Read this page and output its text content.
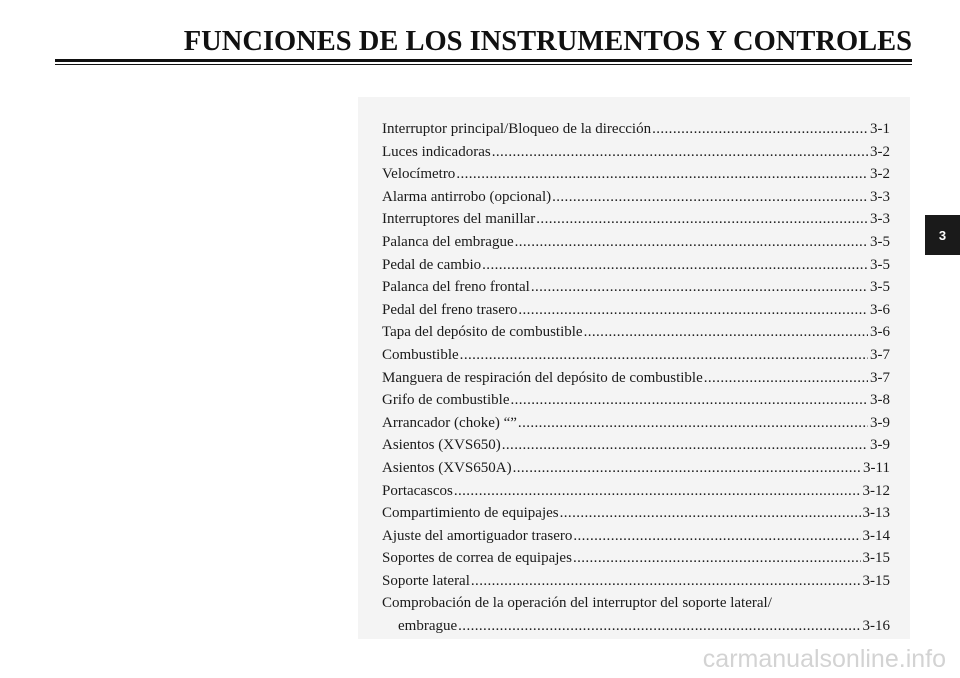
FUNCIONES DE LOS INSTRUMENTOS Y CONTROLES
3
Interruptor principal/Bloqueo de la dirección .....	3-1
Luces indicadoras .....	3-2
Velocímetro .....	3-2
Alarma antirrobo (opcional) .....	3-3
Interruptores del manillar .....	3-3
Palanca del embrague .....	3-5
Pedal de cambio .....	3-5
Palanca del freno frontal .....	3-5
Pedal del freno trasero .....	3-6
Tapa del depósito de combustible .....	3-6
Combustible .....	3-7
Manguera de respiración del depósito de combustible .....	3-7
Grifo de combustible .....	3-8
Arrancador (choke) “” .....	3-9
Asientos (XVS650) .....	3-9
Asientos (XVS650A) .....	3-11
Portacascos .....	3-12
Compartimiento de equipajes .....	3-13
Ajuste del amortiguador trasero .....	3-14
Soportes de correa de equipajes .....	3-15
Soporte lateral .....	3-15
Comprobación de la operación del interruptor del soporte lateral/
embrague .....	3-16
carmanualsonline.info
